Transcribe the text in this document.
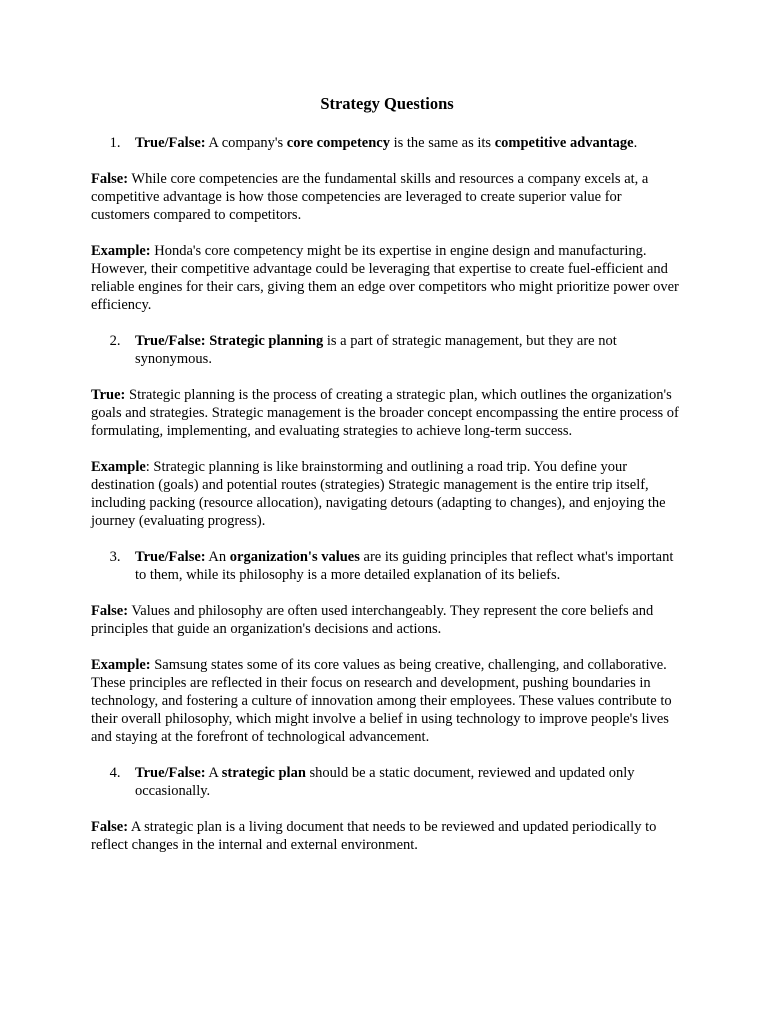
Strategy Questions
1.	True/False: A company's core competency is the same as its competitive advantage.

False: While core competencies are the fundamental skills and resources a company excels at, a competitive advantage is how those competencies are leveraged to create superior value for customers compared to competitors.

Example: Honda's core competency might be its expertise in engine design and manufacturing. However, their competitive advantage could be leveraging that expertise to create fuel-efficient and reliable engines for their cars, giving them an edge over competitors who might prioritize power over efficiency.

2.	True/False: Strategic planning is a part of strategic management, but they are not synonymous.

True: Strategic planning is the process of creating a strategic plan, which outlines the organization's goals and strategies. Strategic management is the broader concept encompassing the entire process of formulating, implementing, and evaluating strategies to achieve long-term success.

Example: Strategic planning is like brainstorming and outlining a road trip. You define your destination (goals) and potential routes (strategies) Strategic management is the entire trip itself, including packing (resource allocation), navigating detours (adapting to changes), and enjoying the journey (evaluating progress).

3.	True/False: An organization's values are its guiding principles that reflect what's important to them, while its philosophy is a more detailed explanation of its beliefs.

False: Values and philosophy are often used interchangeably. They represent the core beliefs and principles that guide an organization's decisions and actions.

Example: Samsung states some of its core values as being creative, challenging, and collaborative. These principles are reflected in their focus on research and development, pushing boundaries in technology, and fostering a culture of innovation among their employees. These values contribute to their overall philosophy, which might involve a belief in using technology to improve people's lives and staying at the forefront of technological advancement.

4.	True/False: A strategic plan should be a static document, reviewed and updated only occasionally.

False: A strategic plan is a living document that needs to be reviewed and updated periodically to reflect changes in the internal and external environment.
